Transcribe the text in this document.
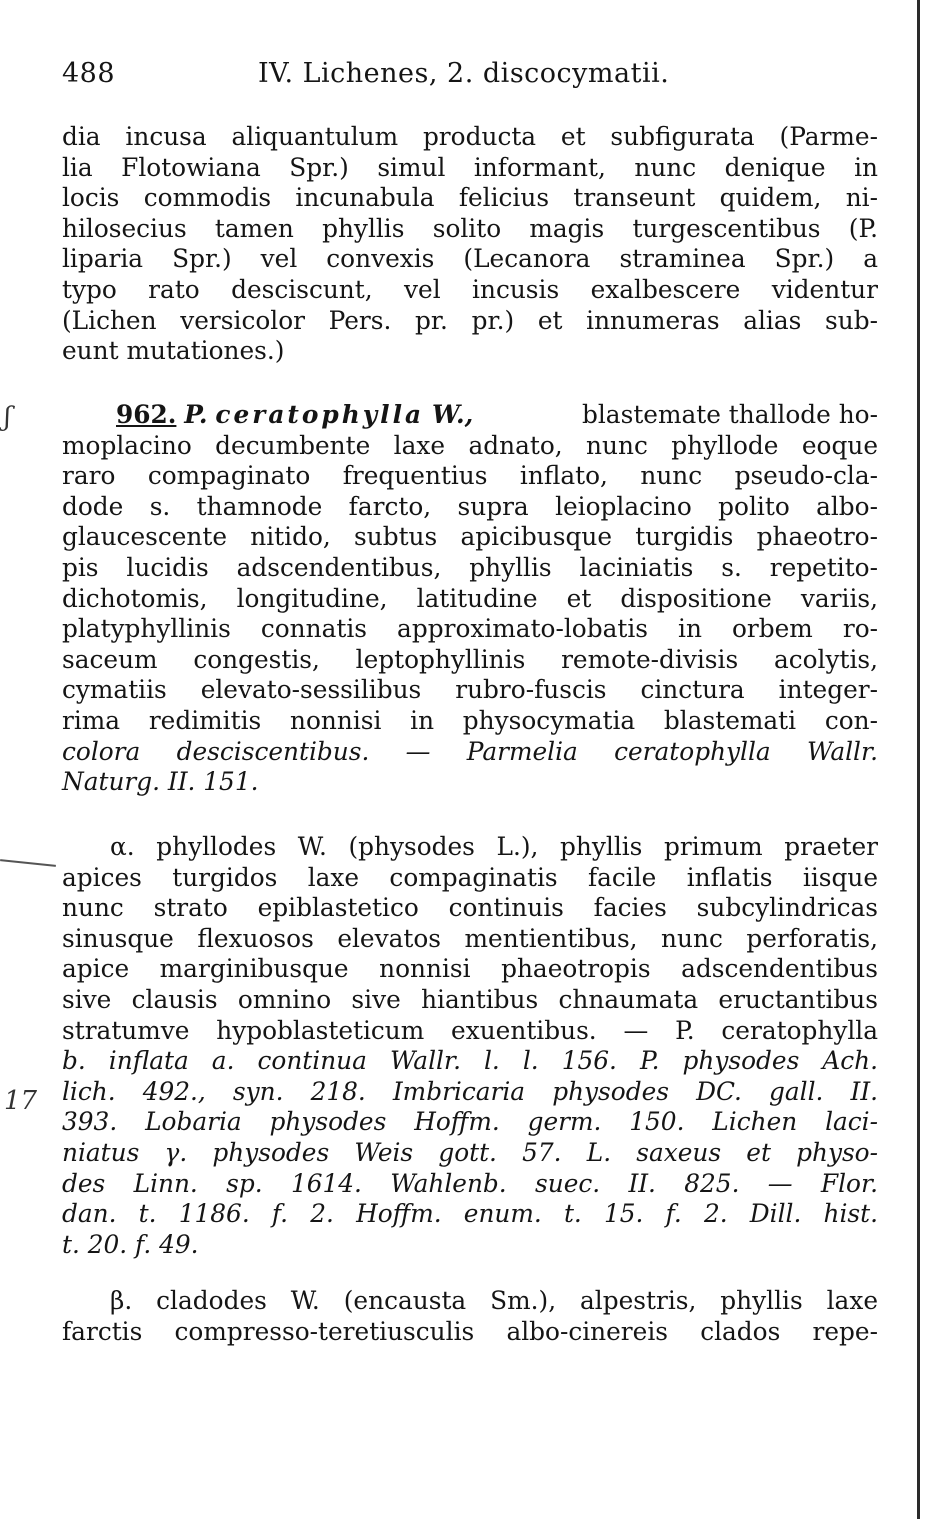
488	IV. Lichenes, 2. discocymatii.
ʃ
17
dia incusa aliquantulum producta et subfigurata (Parme-
lia Flotowiana Spr.) simul informant, nunc denique in
locis commodis incunabula felicius transeunt quidem, ni-
hilosecius tamen phyllis solito magis turgescentibus (P.
liparia Spr.) vel convexis (Lecanora straminea Spr.) a
typo rato desciscunt, vel incusis exalbescere videntur
(Lichen versicolor Pers. pr. pr.) et innumeras alias sub-
eunt mutationes.)
962. P. ceratophylla W.,	blastemate thallode ho-
moplacino decumbente laxe adnato, nunc phyllode eoque
raro compaginato frequentius inflato, nunc pseudo-cla-
dode s. thamnode farcto, supra leioplacino polito albo-
glaucescente nitido, subtus apicibusque turgidis phaeotro-
pis lucidis adscendentibus, phyllis laciniatis s. repetito-
dichotomis, longitudine, latitudine et dispositione variis,
platyphyllinis connatis approximato-lobatis in orbem ro-
saceum congestis, leptophyllinis remote-divisis acolytis,
cymatiis elevato-sessilibus rubro-fuscis cinctura integer-
rima redimitis nonnisi in physocymatia blastemati con-
colora desciscentibus. — Parmelia ceratophylla Wallr.
Naturg. II. 151.
α. phyllodes W. (physodes L.), phyllis primum praeter
apices turgidos laxe compaginatis facile inflatis iisque
nunc strato epiblastetico continuis facies subcylindricas
sinusque flexuosos elevatos mentientibus, nunc perforatis,
apice marginibusque nonnisi phaeotropis adscendentibus
sive clausis omnino sive hiantibus chnaumata eructantibus
stratumve hypoblasteticum exuentibus. — P. ceratophylla
b. inflata a. continua Wallr. l. l. 156. P. physodes Ach.
lich. 492., syn. 218. Imbricaria physodes DC. gall. II.
393. Lobaria physodes Hoffm. germ. 150. Lichen laci-
niatus γ. physodes Weis gott. 57. L. saxeus et physo-
des Linn. sp. 1614. Wahlenb. suec. II. 825. — Flor.
dan. t. 1186. f. 2. Hoffm. enum. t. 15. f. 2. Dill. hist.
t. 20. f. 49.
β. cladodes W. (encausta Sm.), alpestris, phyllis laxe
farctis compresso-teretiusculis albo-cinereis clados repe-
